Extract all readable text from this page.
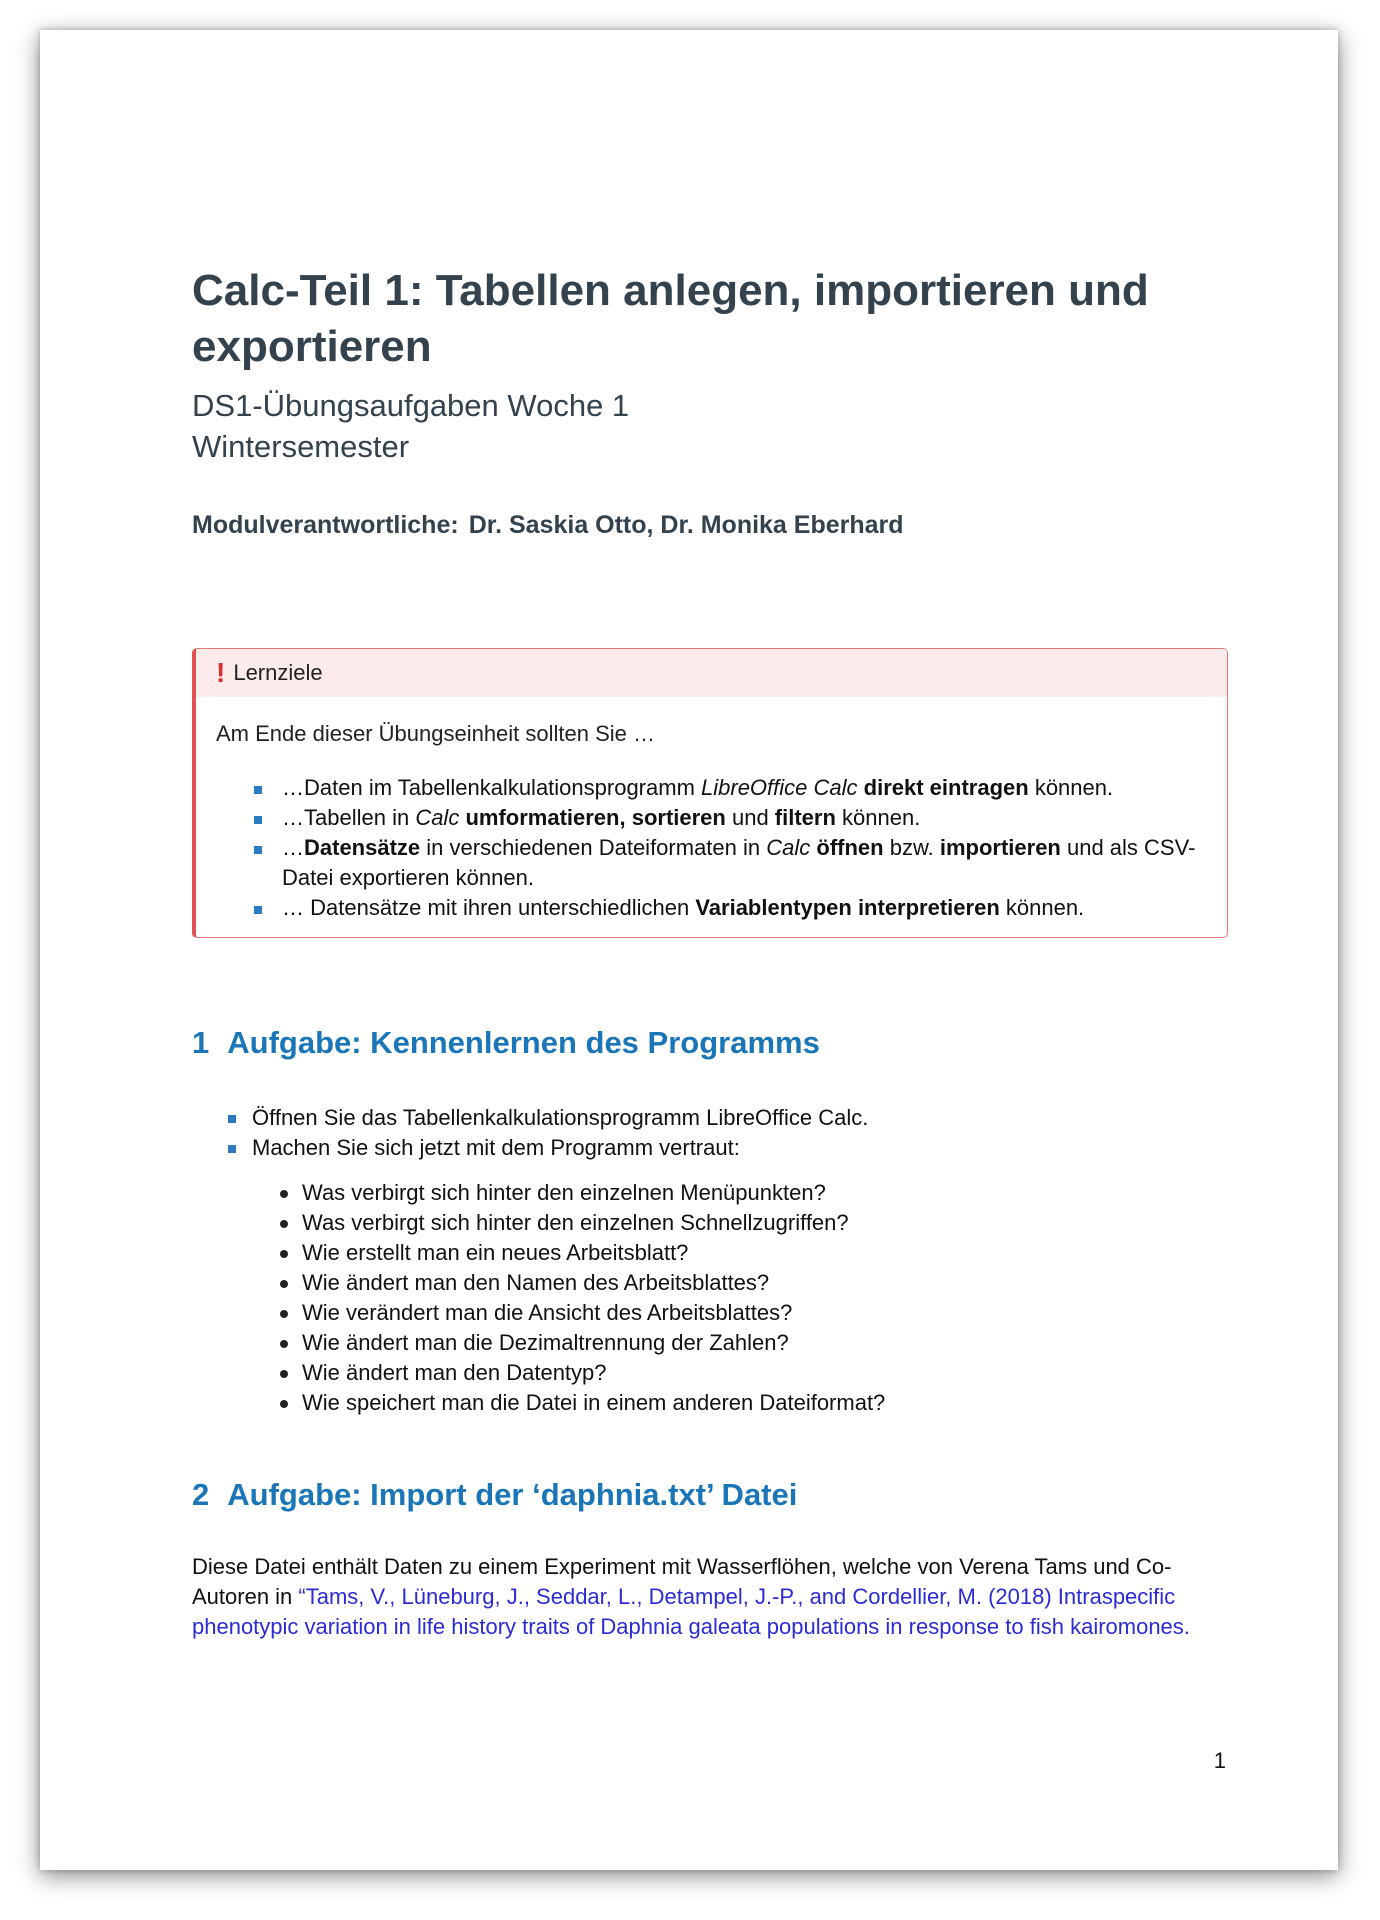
Calc-Teil 1: Tabellen anlegen, importieren und exportieren
DS1-Übungsaufgaben Woche 1
Wintersemester
Modulverantwortliche: Dr. Saskia Otto, Dr. Monika Eberhard
! Lernziele
Am Ende dieser Übungseinheit sollten Sie …
…Daten im Tabellenkalkulationsprogramm LibreOffice Calc direkt eintragen können.
…Tabellen in Calc umformatieren, sortieren und filtern können.
…Datensätze in verschiedenen Dateiformaten in Calc öffnen bzw. importieren und als CSV-Datei exportieren können.
… Datensätze mit ihren unterschiedlichen Variablentypen interpretieren können.
1 Aufgabe: Kennenlernen des Programms
Öffnen Sie das Tabellenkalkulationsprogramm LibreOffice Calc.
Machen Sie sich jetzt mit dem Programm vertraut:
Was verbirgt sich hinter den einzelnen Menüpunkten?
Was verbirgt sich hinter den einzelnen Schnellzugriffen?
Wie erstellt man ein neues Arbeitsblatt?
Wie ändert man den Namen des Arbeitsblattes?
Wie verändert man die Ansicht des Arbeitsblattes?
Wie ändert man die Dezimaltrennung der Zahlen?
Wie ändert man den Datentyp?
Wie speichert man die Datei in einem anderen Dateiformat?
2 Aufgabe: Import der ‘daphnia.txt’ Datei

Diese Datei enthält Daten zu einem Experiment mit Wasserflöhen, welche von Verena Tams und Co-Autoren in “Tams, V., Lüneburg, J., Seddar, L., Detampel, J.-P., and Cordellier, M. (2018) Intraspecific phenotypic variation in life history traits of Daphnia galeata populations in response to fish kairomones.

1
